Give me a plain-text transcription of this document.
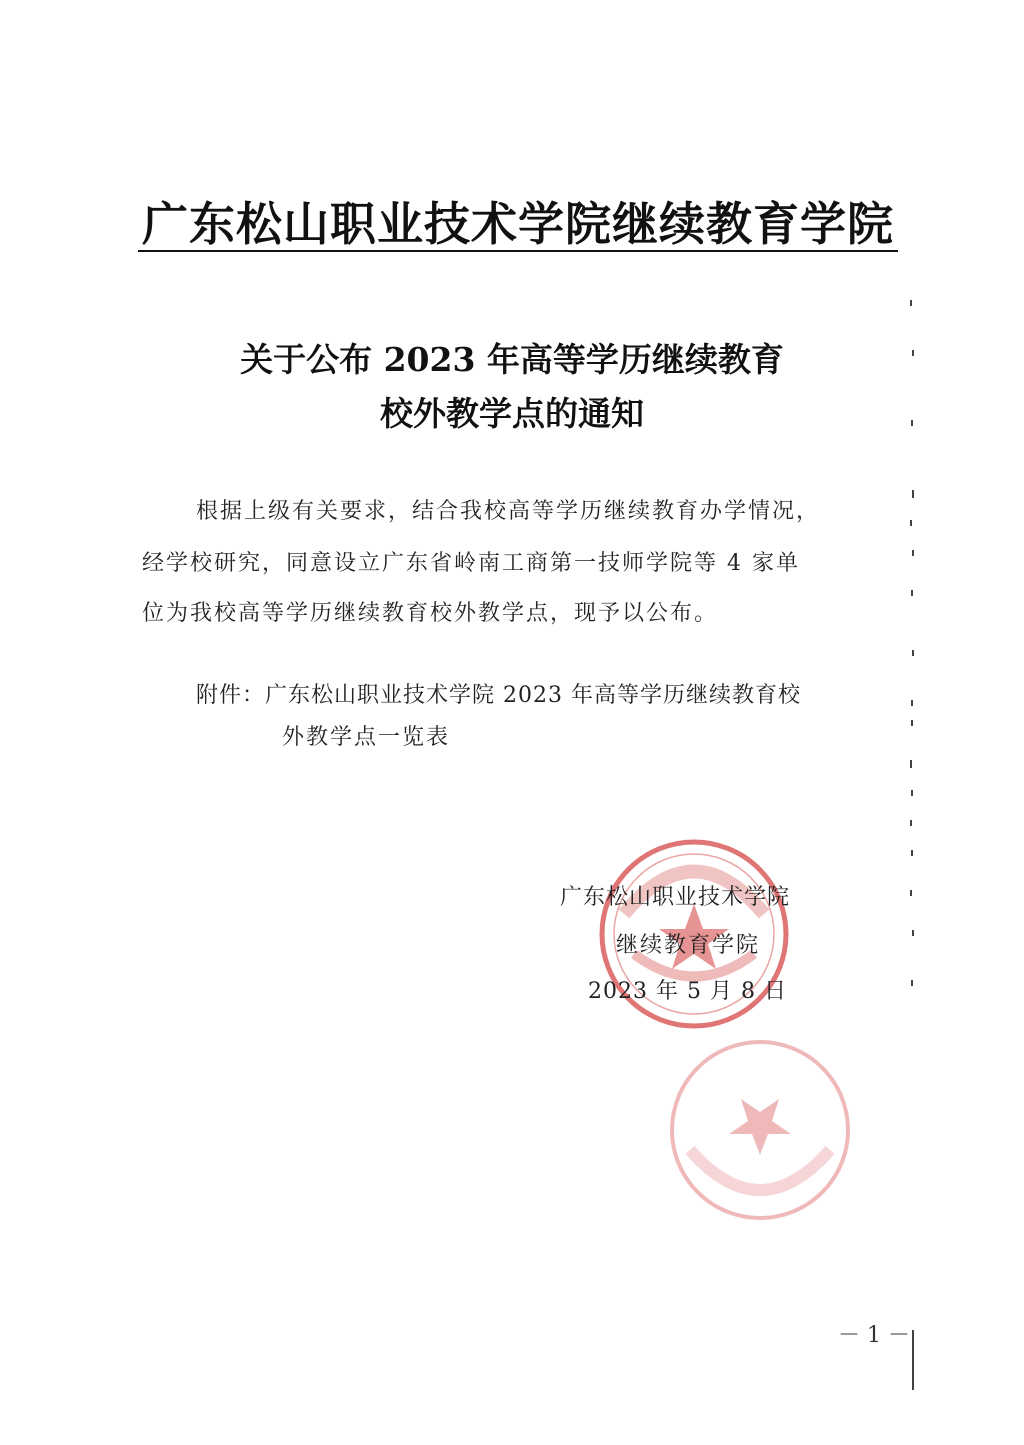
广东松山职业技术学院继续教育学院
关于公布 2023 年高等学历继续教育
校外教学点的通知
根据上级有关要求，结合我校高等学历继续教育办学情况，
经学校研究，同意设立广东省岭南工商第一技师学院等 4 家单
位为我校高等学历继续教育校外教学点，现予以公布。
附件：广东松山职业技术学院 2023 年高等学历继续教育校
外教学点一览表
广东松山职业技术学院
继续教育学院
2023 年 5 月 8 日
－ 1 －
